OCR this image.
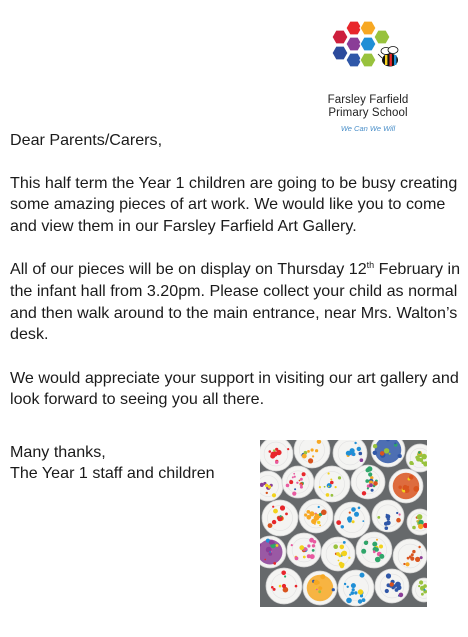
Farsley Farfield
Primary School
We Can We Will

Dear Parents/Carers,

This half term the Year 1 children are going to be busy creating some amazing pieces of art work. We would like you to come and view them in our Farsley Farfield Art Gallery.

All of our pieces will be on display on Thursday 12th February in the infant hall from 3.20pm. Please collect your child as normal and then walk around to the main entrance, near Mrs. Walton’s desk.

We would appreciate your support in visiting our art gallery and look forward to seeing you all there.

Many thanks,

The Year 1 staff and children
